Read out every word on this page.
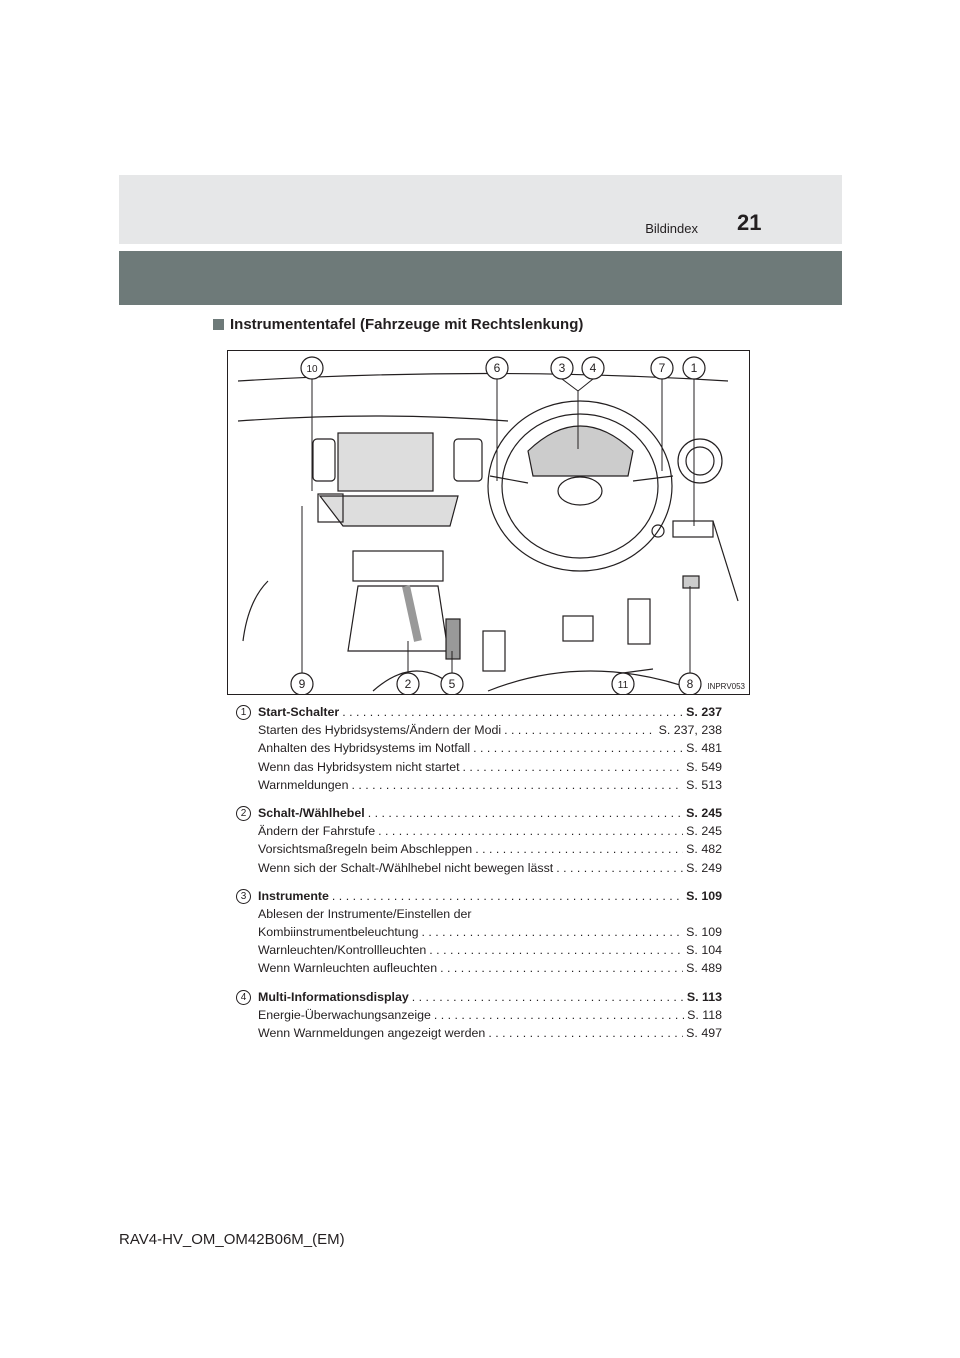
Bildindex 21
Instrumententafel (Fahrzeuge mit Rechtslenkung)
10	6	3 4	7 1
9	2	5	11	8 INPRV053
1 Start-Schalter . . .	S. 237
Starten des Hybridsystems/Ändern der Modi . . .	S. 237, 238
Anhalten des Hybridsystems im Notfall . . .	S. 481
Wenn das Hybridsystem nicht startet . . .	S. 549
Warnmeldungen . . .	S. 513
2 Schalt-/Wählhebel . . .	S. 245
Ändern der Fahrstufe . . .	S. 245
Vorsichtsmaßregeln beim Abschleppen . . .	S. 482
Wenn sich der Schalt-/Wählhebel nicht bewegen lässt . . .	S. 249
3 Instrumente . . .	S. 109
Ablesen der Instrumente/Einstellen der
Kombiinstrumentbeleuchtung . . .	S. 109
Warnleuchten/Kontrollleuchten . . .	S. 104
Wenn Warnleuchten aufleuchten . . .	S. 489
4 Multi-Informationsdisplay . . .	S. 113
Energie-Überwachungsanzeige . . .	S. 118
Wenn Warnmeldungen angezeigt werden . . .	S. 497
RAV4-HV_OM_OM42B06M_(EM)
